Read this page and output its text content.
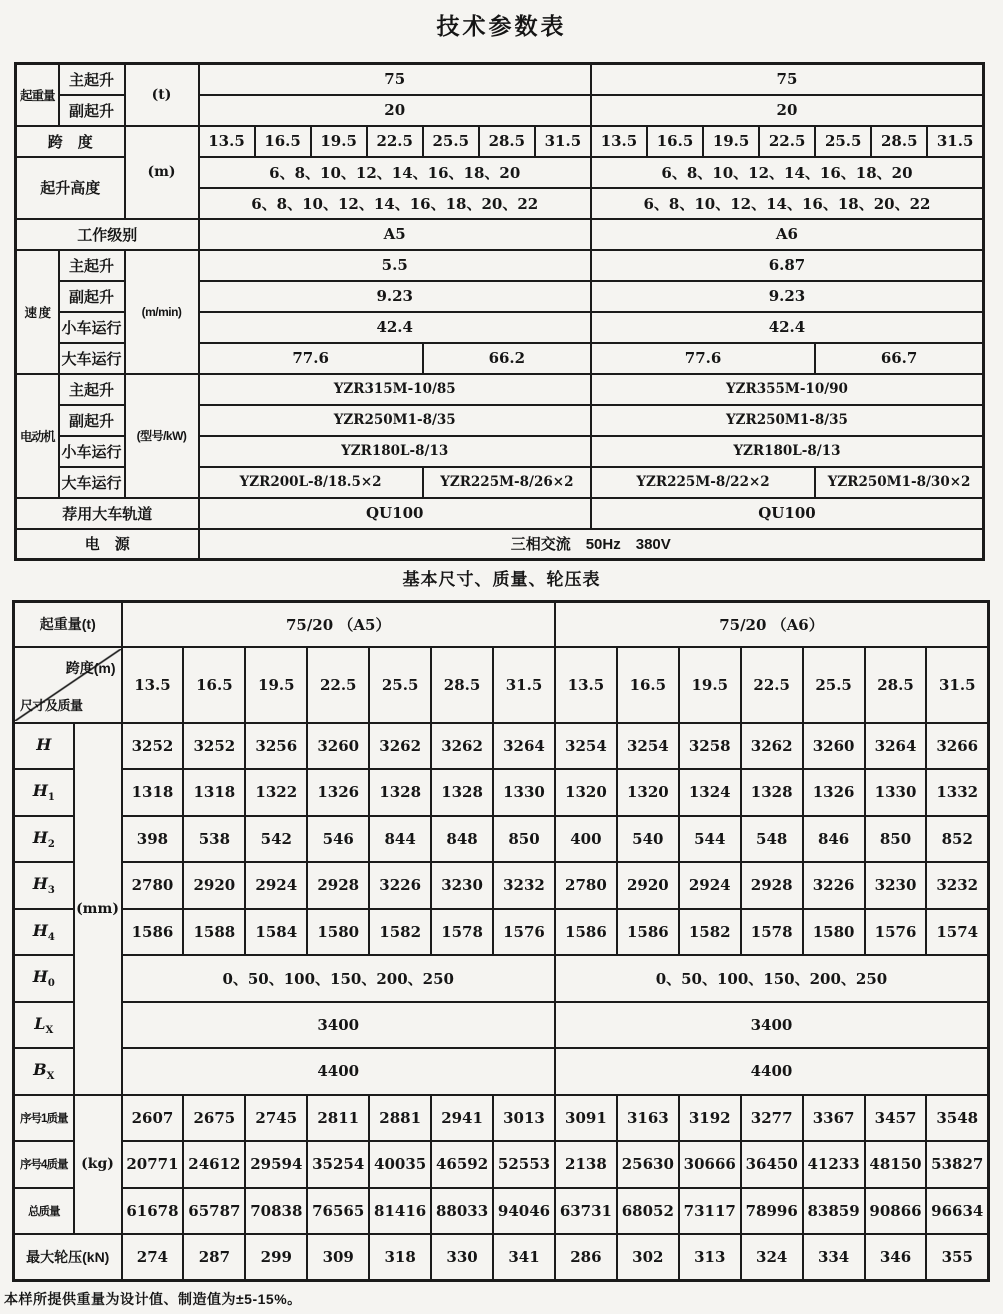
技术参数表
起重量	主起升	(t)	75							75						
	副起升		20							20						
跨　度		(m)	13.5	16.5	19.5	22.5	25.5	28.5	31.5	13.5	16.5	19.5	22.5	25.5	28.5	31.5
起升高度			6、8、10、12、14、16、18、20							6、8、10、12、14、16、18、20						
			6、8、10、12、14、16、18、20、22							6、8、10、12、14、16、18、20、22						
工作级别			A5							A6						
速 度	主起升	(m/min)	5.5							6.87						
	副起升		9.23							9.23						
	小车运行		42.4							42.4						
	大车运行		77.6				66.2			77.6				66.7		
电动机	主起升	(型号/kW)	YZR315M-10/85							YZR355M-10/90						
	副起升		YZR250M1-8/35							YZR250M1-8/35						
	小车运行		YZR180L-8/13							YZR180L-8/13						
	大车运行		YZR200L-8/18.5×2				YZR225M-8/26×2			YZR225M-8/22×2				YZR250M1-8/30×2		
荐用大车轨道			QU100							QU100						
电　源			三相交流　50Hz　380V													
基本尺寸、质量、轮压表
起重量(t)		75/20 （A5）							75/20 （A6）						

跨度(m)
尺寸及质量		13.5	16.5	19.5	22.5	25.5	28.5	31.5	13.5	16.5	19.5	22.5	25.5	28.5	31.5
H	(mm)	3252	3252	3256	3260	3262	3262	3264	3254	3254	3258	3262	3260	3264	3266
$H_1$		1318	1318	1322	1326	1328	1328	1330	1320	1320	1324	1328	1326	1330	1332
$H_2$		398	538	542	546	844	848	850	400	540	544	548	846	850	852
$H_3$		2780	2920	2924	2928	3226	3230	3232	2780	2920	2924	2928	3226	3230	3232
$H_4$		1586	1588	1584	1580	1582	1578	1576	1586	1586	1582	1578	1580	1576	1574
$H_0$		0、50、100、150、200、250							0、50、100、150、200、250						
$L_X$		3400							3400						
$B_X$		4400							4400						
序号1质量	(kg)	2607	2675	2745	2811	2881	2941	3013	3091	3163	3192	3277	3367	3457	3548
序号4质量		20771	24612	29594	35254	40035	46592	52553	2138	25630	30666	36450	41233	48150	53827
总质量		61678	65787	70838	76565	81416	88033	94046	63731	68052	73117	78996	83859	90866	96634
最大轮压(kN)		274	287	299	309	318	330	341	286	302	313	324	334	346	355
本样所提供重量为设计值、制造值为±5-15%。
